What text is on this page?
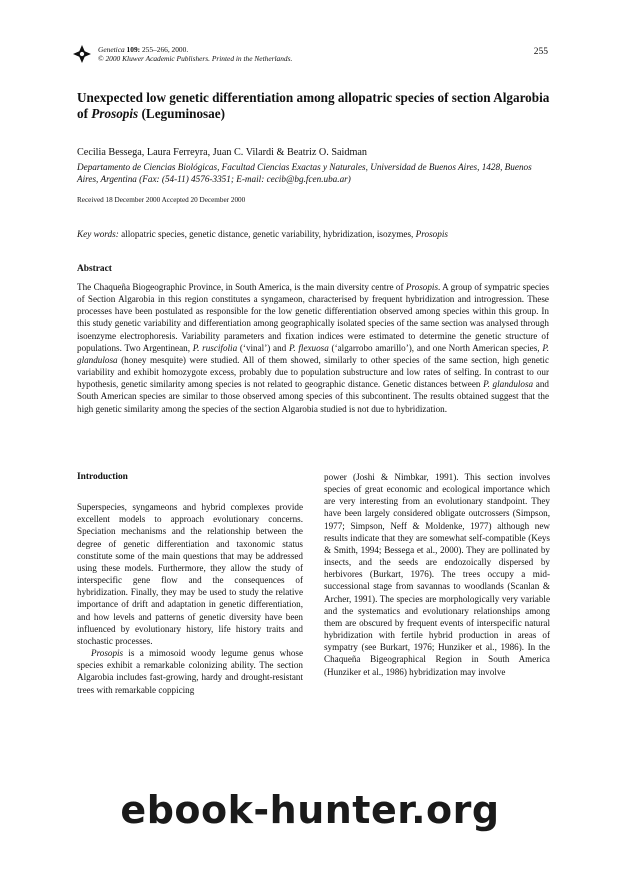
Genetica 109: 255–266, 2000.
© 2000 Kluwer Academic Publishers. Printed in the Netherlands.
255
Unexpected low genetic differentiation among allopatric species of section Algarobia of Prosopis (Leguminosae)
Cecilia Bessega, Laura Ferreyra, Juan C. Vilardi & Beatriz O. Saidman
Departamento de Ciencias Biológicas, Facultad Ciencias Exactas y Naturales, Universidad de Buenos Aires, 1428, Buenos Aires, Argentina (Fax: (54-11) 4576-3351; E-mail: cecib@bg.fcen.uba.ar)
Received 18 December 2000 Accepted 20 December 2000
Key words: allopatric species, genetic distance, genetic variability, hybridization, isozymes, Prosopis
Abstract

The Chaqueña Biogeographic Province, in South America, is the main diversity centre of Prosopis. A group of sympatric species of Section Algarobia in this region constitutes a syngameon, characterised by frequent hybridization and introgression. These processes have been postulated as responsible for the low genetic differentiation observed among species within this group. In this study genetic variability and differentiation among geographically isolated species of the same section was analysed through isoenzyme electrophoresis. Variability parameters and fixation indices were estimated to determine the genetic structure of populations. Two Argentinean, P. ruscifolia (‘vinal’) and P. flexuosa (‘algarrobo amarillo’), and one North American species, P. glandulosa (honey mesquite) were studied. All of them showed, similarly to other species of the same section, high genetic variability and exhibit homozygote excess, probably due to population substructure and low rates of selfing. In contrast to our hypothesis, genetic similarity among species is not related to geographic distance. Genetic distances between P. glandulosa and South American species are similar to those observed among species of this subcontinent. The results obtained suggest that the high genetic similarity among the species of the section Algarobia studied is not due to hybridization.

Introduction

Superspecies, syngameons and hybrid complexes provide excellent models to approach evolutionary concerns. Speciation mechanisms and the relationship between the degree of genetic differentiation and taxonomic status constitute some of the main questions that may be addressed using these models. Furthermore, they allow the study of interspecific gene flow and the consequences of hybridization. Finally, they may be used to study the relative importance of drift and adaptation in genetic differentiation, and how levels and patterns of genetic diversity have been influenced by evolutionary history, life history traits and stochastic processes.

Prosopis is a mimosoid woody legume genus whose species exhibit a remarkable colonizing ability. The section Algarobia includes fast-growing, hardy and drought-resistant trees with remarkable coppicing

power (Joshi & Nimbkar, 1991). This section involves species of great economic and ecological importance which are very interesting from an evolutionary standpoint. They have been largely considered obligate outcrossers (Simpson, 1977; Simpson, Neff & Moldenke, 1977) although new results indicate that they are somewhat self-compatible (Keys & Smith, 1994; Bessega et al., 2000). They are pollinated by insects, and the seeds are endozoically dispersed by herbivores (Burkart, 1976). The trees occupy a mid-successional stage from savannas to woodlands (Scanlan & Archer, 1991). The species are morphologically very variable and the systematics and evolutionary relationships among them are obscured by frequent events of interspecific natural hybridization with fertile hybrid production in areas of sympatry (see Burkart, 1976; Hunziker et al., 1986). In the Chaqueña Bigeographical Region in South America (Hunziker et al., 1986) hybridization may involve

ebook-hunter.org
